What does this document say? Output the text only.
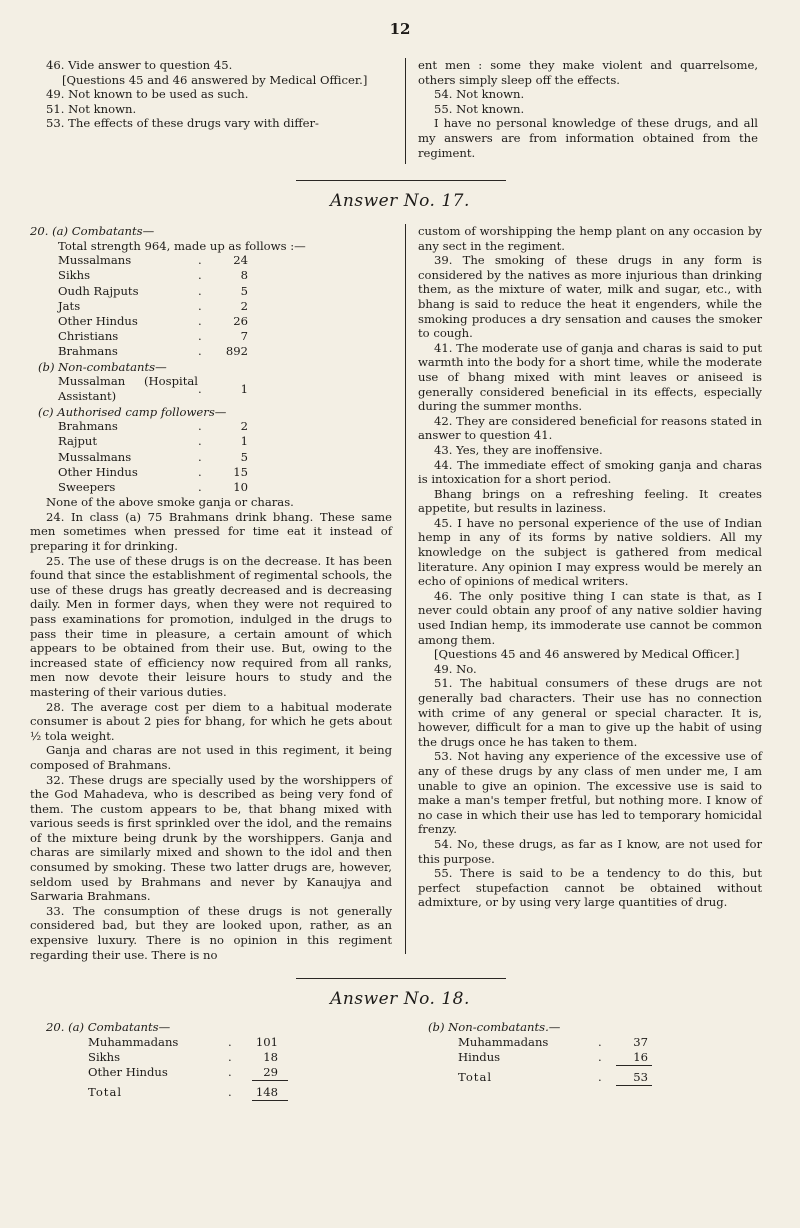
12

46. Vide answer to question 45.

[Questions 45 and 46 answered by Medical Officer.]

49. Not known to be used as such.

51. Not known.

53. The effects of these drugs vary with differ-

ent men : some they make violent and quarrelsome, others simply sleep off the effects.

54. Not known.

55. Not known.

I have no personal knowledge of these drugs, and all my answers are from information obtained from the regiment.

Answer No. 17.

20. (a) Combatants—

Total strength 964, made up as follows :—

Mussalmans	.	24
Sikhs	.	8
Oudh Rajputs	.	5
Jats	.	2
Other Hindus	.	26
Christians	.	7
Brahmans	.	892

(b) Non-combatants—

Mussalman (Hospital Assistant)	.	1

(c) Authorised camp followers—

Brahmans	.	2
Rajput	.	1
Mussalmans	.	5
Other Hindus	.	15
Sweepers	.	10

None of the above smoke ganja or charas.

24. In class (a) 75 Brahmans drink bhang. These same men sometimes when pressed for time eat it instead of preparing it for drinking.

25. The use of these drugs is on the decrease. It has been found that since the establishment of regimental schools, the use of these drugs has greatly decreased and is decreasing daily. Men in former days, when they were not required to pass examinations for promotion, indulged in the drugs to pass their time in pleasure, a certain amount of which appears to be obtained from their use. But, owing to the increased state of efficiency now required from all ranks, men now devote their leisure hours to study and the mastering of their various duties.

28. The average cost per diem to a habitual moderate consumer is about 2 pies for bhang, for which he gets about ½ tola weight.

Ganja and charas are not used in this regiment, it being composed of Brahmans.

32. These drugs are specially used by the worshippers of the God Mahadeva, who is described as being very fond of them. The custom appears to be, that bhang mixed with various seeds is first sprinkled over the idol, and the remains of the mixture being drunk by the worshippers. Ganja and charas are similarly mixed and shown to the idol and then consumed by smoking. These two latter drugs are, however, seldom used by Brahmans and never by Kanaujya and Sarwaria Brahmans.

33. The consumption of these drugs is not generally considered bad, but they are looked upon, rather, as an expensive luxury. There is no opinion in this regiment regarding their use. There is no

custom of worshipping the hemp plant on any occasion by any sect in the regiment.

39. The smoking of these drugs in any form is considered by the natives as more injurious than drinking them, as the mixture of water, milk and sugar, etc., with bhang is said to reduce the heat it engenders, while the smoking produces a dry sensation and causes the smoker to cough.

41. The moderate use of ganja and charas is said to put warmth into the body for a short time, while the moderate use of bhang mixed with mint leaves or aniseed is generally considered beneficial in its effects, especially during the summer months.

42. They are considered beneficial for reasons stated in answer to question 41.

43. Yes, they are inoffensive.

44. The immediate effect of smoking ganja and charas is intoxication for a short period.

Bhang brings on a refreshing feeling. It creates appetite, but results in laziness.

45. I have no personal experience of the use of Indian hemp in any of its forms by native soldiers. All my knowledge on the subject is gathered from medical literature. Any opinion I may express would be merely an echo of opinions of medical writers.

46. The only positive thing I can state is that, as I never could obtain any proof of any native soldier having used Indian hemp, its immoderate use cannot be common among them.

[Questions 45 and 46 answered by Medical Officer.]

49. No.

51. The habitual consumers of these drugs are not generally bad characters. Their use has no connection with crime of any general or special character. It is, however, difficult for a man to give up the habit of using the drugs once he has taken to them.

53. Not having any experience of the excessive use of any of these drugs by any class of men under me, I am unable to give an opinion. The excessive use is said to make a man's temper fretful, but nothing more. I know of no case in which their use has led to temporary homicidal frenzy.

54. No, these drugs, as far as I know, are not used for this purpose.

55. There is said to be a tendency to do this, but perfect stupefaction cannot be obtained without admixture, or by using very large quantities of drug.

Answer No. 18.

20. (a) Combatants—

Muhammadans	.	101
Sikhs	.	18
Other Hindus	.	29
Total	.	148

(b) Non-combatants.—

Muhammadans	.	37
Hindus	.	16
Total	.	53
